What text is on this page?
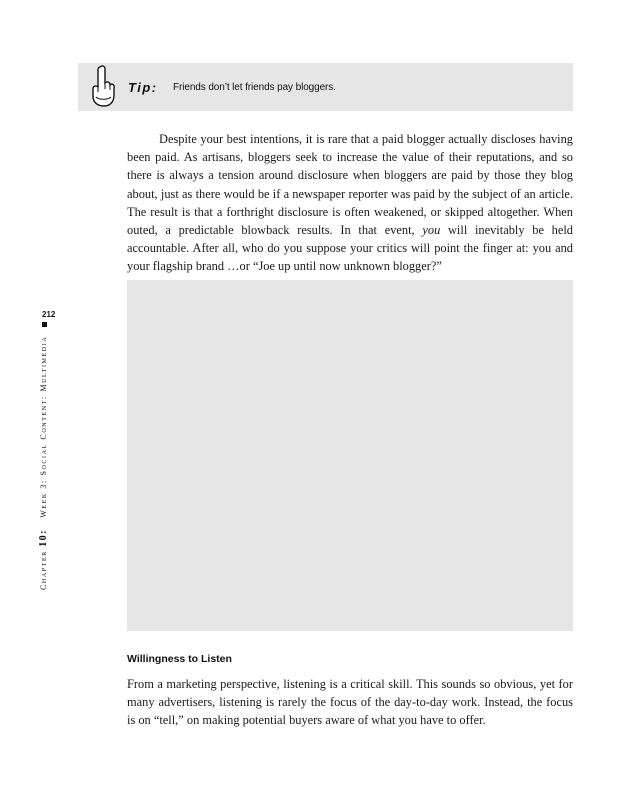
Tip: Friends don’t let friends pay bloggers.

Despite your best intentions, it is rare that a paid blogger actually discloses having been paid. As artisans, bloggers seek to increase the value of their reputations, and so there is always a tension around disclosure when bloggers are paid by those they blog about, just as there would be if a newspaper reporter was paid by the subject of an article. The result is that a forthright disclosure is often weakened, or skipped altogether. When outed, a predictable blowback results. In that event, you will inevitably be held accountable. After all, who do you suppose your critics will point the finger at: you and your flagship brand …or “Joe up until now unknown blogger?”

Willingness to Listen

From a marketing perspective, listening is a critical skill. This sounds so obvious, yet for many advertisers, listening is rarely the focus of the day-to-day work. Instead, the focus is on “tell,” on making potential buyers aware of what you have to offer.

212
Chapter 10: Week 3: Social Content: Multimedia
